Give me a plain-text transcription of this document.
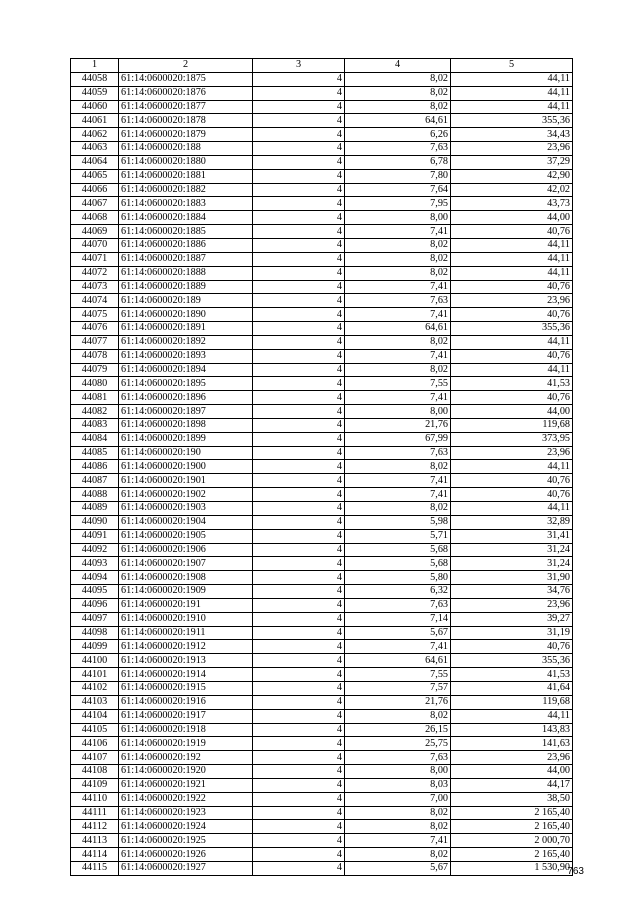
1	2	3	4	5
44058	61:14:0600020:1875	4	8,02	44,11
44059	61:14:0600020:1876	4	8,02	44,11
44060	61:14:0600020:1877	4	8,02	44,11
44061	61:14:0600020:1878	4	64,61	355,36
44062	61:14:0600020:1879	4	6,26	34,43
44063	61:14:0600020:188	4	7,63	23,96
44064	61:14:0600020:1880	4	6,78	37,29
44065	61:14:0600020:1881	4	7,80	42,90
44066	61:14:0600020:1882	4	7,64	42,02
44067	61:14:0600020:1883	4	7,95	43,73
44068	61:14:0600020:1884	4	8,00	44,00
44069	61:14:0600020:1885	4	7,41	40,76
44070	61:14:0600020:1886	4	8,02	44,11
44071	61:14:0600020:1887	4	8,02	44,11
44072	61:14:0600020:1888	4	8,02	44,11
44073	61:14:0600020:1889	4	7,41	40,76
44074	61:14:0600020:189	4	7,63	23,96
44075	61:14:0600020:1890	4	7,41	40,76
44076	61:14:0600020:1891	4	64,61	355,36
44077	61:14:0600020:1892	4	8,02	44,11
44078	61:14:0600020:1893	4	7,41	40,76
44079	61:14:0600020:1894	4	8,02	44,11
44080	61:14:0600020:1895	4	7,55	41,53
44081	61:14:0600020:1896	4	7,41	40,76
44082	61:14:0600020:1897	4	8,00	44,00
44083	61:14:0600020:1898	4	21,76	119,68
44084	61:14:0600020:1899	4	67,99	373,95
44085	61:14:0600020:190	4	7,63	23,96
44086	61:14:0600020:1900	4	8,02	44,11
44087	61:14:0600020:1901	4	7,41	40,76
44088	61:14:0600020:1902	4	7,41	40,76
44089	61:14:0600020:1903	4	8,02	44,11
44090	61:14:0600020:1904	4	5,98	32,89
44091	61:14:0600020:1905	4	5,71	31,41
44092	61:14:0600020:1906	4	5,68	31,24
44093	61:14:0600020:1907	4	5,68	31,24
44094	61:14:0600020:1908	4	5,80	31,90
44095	61:14:0600020:1909	4	6,32	34,76
44096	61:14:0600020:191	4	7,63	23,96
44097	61:14:0600020:1910	4	7,14	39,27
44098	61:14:0600020:1911	4	5,67	31,19
44099	61:14:0600020:1912	4	7,41	40,76
44100	61:14:0600020:1913	4	64,61	355,36
44101	61:14:0600020:1914	4	7,55	41,53
44102	61:14:0600020:1915	4	7,57	41,64
44103	61:14:0600020:1916	4	21,76	119,68
44104	61:14:0600020:1917	4	8,02	44,11
44105	61:14:0600020:1918	4	26,15	143,83
44106	61:14:0600020:1919	4	25,75	141,63
44107	61:14:0600020:192	4	7,63	23,96
44108	61:14:0600020:1920	4	8,00	44,00
44109	61:14:0600020:1921	4	8,03	44,17
44110	61:14:0600020:1922	4	7,00	38,50
44111	61:14:0600020:1923	4	8,02	2 165,40
44112	61:14:0600020:1924	4	8,02	2 165,40
44113	61:14:0600020:1925	4	7,41	2 000,70
44114	61:14:0600020:1926	4	8,02	2 165,40
44115	61:14:0600020:1927	4	5,67	1 530,90
763
